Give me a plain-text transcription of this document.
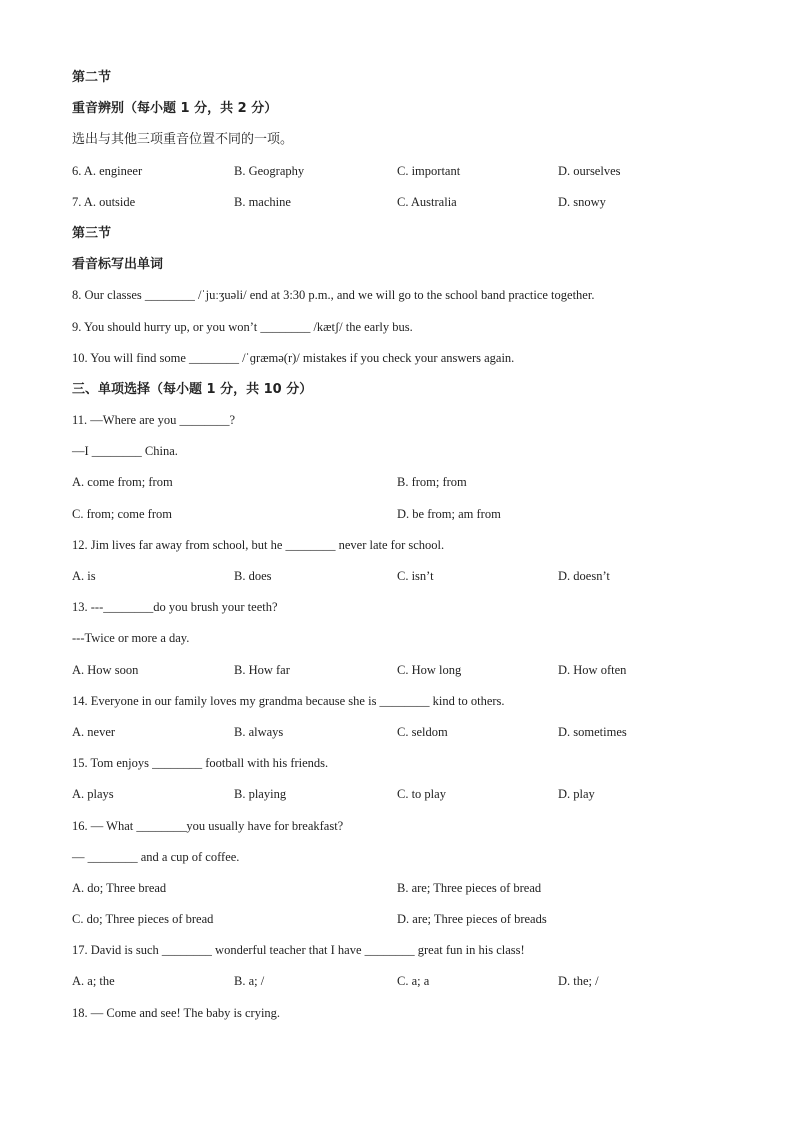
第二节
重音辨别（每小题 1 分，共 2 分）
选出与其他三项重音位置不同的一项。
6. A. engineer	B. Geography	C. important	D. ourselves
7. A. outside	B. machine	C. Australia	D. snowy
第三节
看音标写出单词
8. Our classes ________ /ˈjuːʒuəli/ end at 3:30 p.m., and we will go to the school band practice together.
9. You should hurry up, or you won’t ________ /kætʃ/ the early bus.
10. You will find some ________ /ˈɡræmə(r)/ mistakes if you check your answers again.
三、单项选择（每小题 1 分，共 10 分）
11. —Where are you ________?
—I ________ China.
A. come from; from	B. from; from
C. from; come from	D. be from; am from
12. Jim lives far away from school, but he ________ never late for school.
A. is	B. does	C. isn’t	D. doesn’t
13. ---________do you brush your teeth?
---Twice or more a day.
A. How soon	B. How far	C. How long	D. How often
14. Everyone in our family loves my grandma because she is ________ kind to others.
A. never	B. always	C. seldom	D. sometimes
15. Tom enjoys ________ football with his friends.
A. plays	B. playing	C. to play	D. play
16. — What ________you usually have for breakfast?
— ________ and a cup of coffee.
A. do; Three bread	B. are; Three pieces of bread
C. do; Three pieces of bread	D. are; Three pieces of breads
17. David is such ________ wonderful teacher that I have ________ great fun in his class!
A. a; the	B. a; /	C. a; a	D. the; /
18. — Come and see! The baby is crying.
